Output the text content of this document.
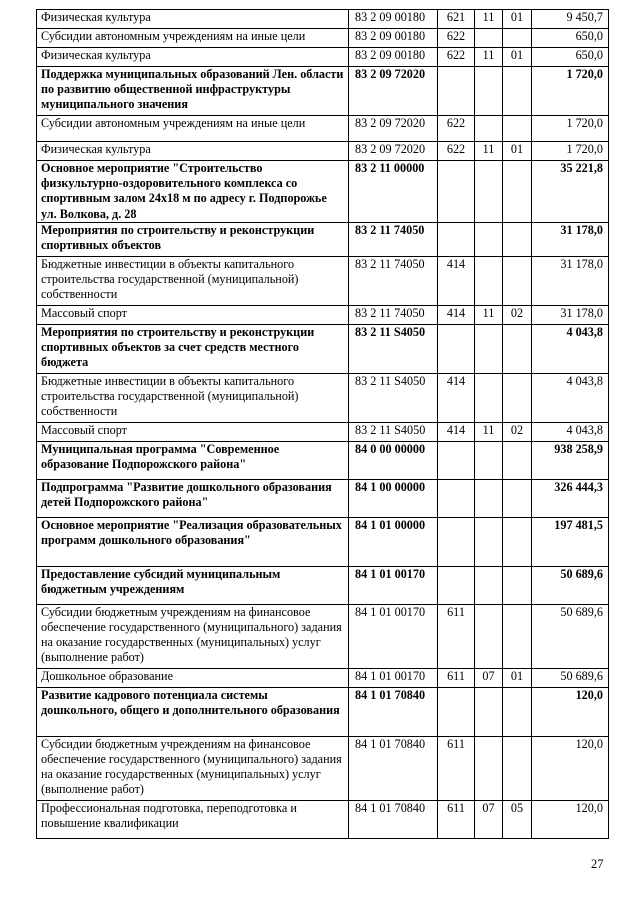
Физическая культура	83 2 09 00180	621	11	01	9 450,7
Субсидии автономным учреждениям на иные цели	83 2 09 00180	622			650,0
Физическая культура	83 2 09 00180	622	11	01	650,0
Поддержка муниципальных образований Лен. области по развитию общественной инфраструктуры муниципального значения	83 2 09 72020				1 720,0
Субсидии автономным учреждениям на иные цели	83 2 09 72020	622			1 720,0
Физическая культура	83 2 09 72020	622	11	01	1 720,0
Основное мероприятие "Строительство физкультурно-оздоровительного комплекса со спортивным залом 24х18 м по адресу г. Подпорожье ул. Волкова, д. 28	83 2 11 00000				35 221,8
Мероприятия по строительству и реконструкции спортивных объектов	83 2 11 74050				31 178,0
Бюджетные инвестиции в объекты капитального строительства государственной (муниципальной) собственности	83 2 11 74050	414			31 178,0
Массовый спорт	83 2 11 74050	414	11	02	31 178,0
Мероприятия по строительству и реконструкции спортивных объектов за счет средств местного бюджета	83 2 11 S4050				4 043,8
Бюджетные инвестиции в объекты капитального строительства государственной (муниципальной) собственности	83 2 11 S4050	414			4 043,8
Массовый спорт	83 2 11 S4050	414	11	02	4 043,8
Муниципальная программа "Современное образование Подпорожского района"	84 0 00 00000				938 258,9
Подпрограмма "Развитие дошкольного образования детей Подпорожского района"	84 1 00 00000				326 444,3
Основное мероприятие "Реализация образовательных программ дошкольного образования"	84 1 01 00000				197 481,5
Предоставление субсидий муниципальным бюджетным учреждениям	84 1 01 00170				50 689,6
Субсидии бюджетным учреждениям на финансовое обеспечение государственного (муниципального) задания на оказание государственных (муниципальных) услуг (выполнение работ)	84 1 01 00170	611			50 689,6
Дошкольное образование	84 1 01 00170	611	07	01	50 689,6
Развитие кадрового потенциала системы дошкольного, общего и дополнительного образования	84 1 01 70840				120,0
Субсидии бюджетным учреждениям на финансовое обеспечение государственного (муниципального) задания на оказание государственных (муниципальных) услуг (выполнение работ)	84 1 01 70840	611			120,0
Профессиональная подготовка, переподготовка и повышение квалификации	84 1 01 70840	611	07	05	120,0
27
